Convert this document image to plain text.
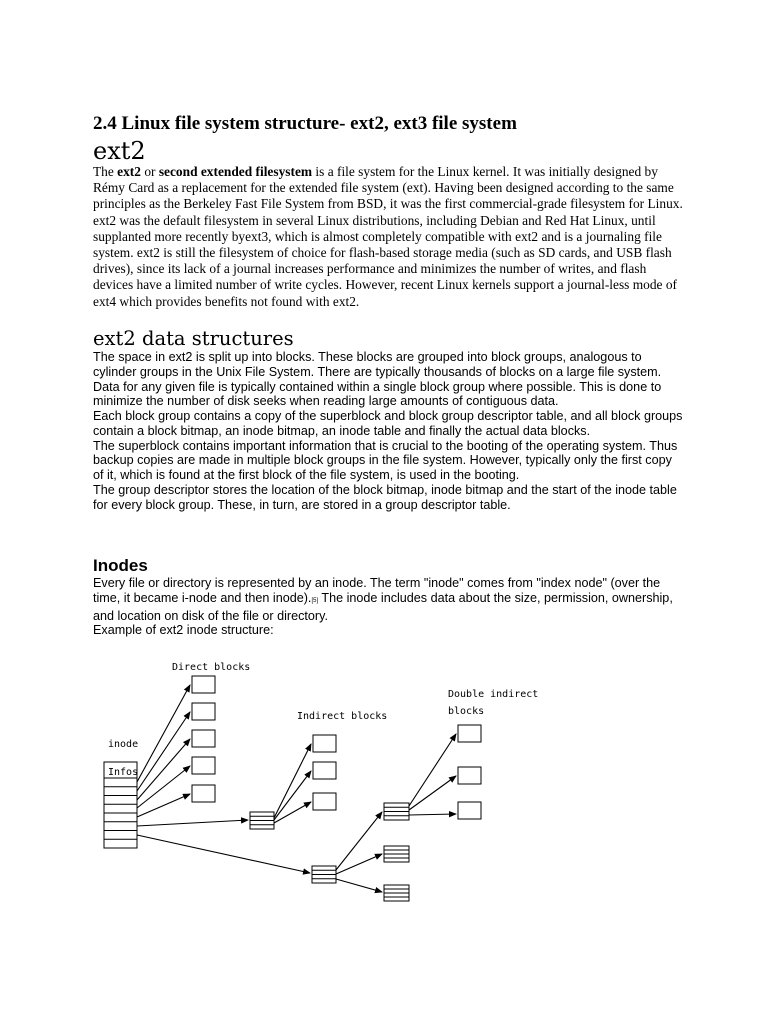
2.4 Linux file system structure- ext2, ext3 file system
ext2

The ext2 or second extended filesystem is a file system for the Linux kernel. It was initially designed by Rémy Card as a replacement for the extended file system (ext). Having been designed according to the same principles as the Berkeley Fast File System from BSD, it was the first commercial-grade filesystem for Linux. ext2 was the default filesystem in several Linux distributions, including Debian and Red Hat Linux, until supplanted more recently byext3, which is almost completely compatible with ext2 and is a journaling file system. ext2 is still the filesystem of choice for flash-based storage media (such as SD cards, and USB flash drives), since its lack of a journal increases performance and minimizes the number of writes, and flash devices have a limited number of write cycles. However, recent Linux kernels support a journal-less mode of ext4 which provides benefits not found with ext2.

ext2 data structures

The space in ext2 is split up into blocks. These blocks are grouped into block groups, analogous to cylinder groups in the Unix File System. There are typically thousands of blocks on a large file system. Data for any given file is typically contained within a single block group where possible. This is done to minimize the number of disk seeks when reading large amounts of contiguous data.

Each block group contains a copy of the superblock and block group descriptor table, and all block groups contain a block bitmap, an inode bitmap, an inode table and finally the actual data blocks.

The superblock contains important information that is crucial to the booting of the operating system. Thus backup copies are made in multiple block groups in the file system. However, typically only the first copy of it, which is found at the first block of the file system, is used in the booting.

The group descriptor stores the location of the block bitmap, inode bitmap and the start of the inode table for every block group. These, in turn, are stored in a group descriptor table.

Inodes

Every file or directory is represented by an inode. The term "inode" comes from "index node" (over the time, it became i-node and then inode).[5] The inode includes data about the size, permission, ownership, and location on disk of the file or directory.

Example of ext2 inode structure:

Direct blocks
Indirect blocks
Double indirect
blocks
inode
Infos
